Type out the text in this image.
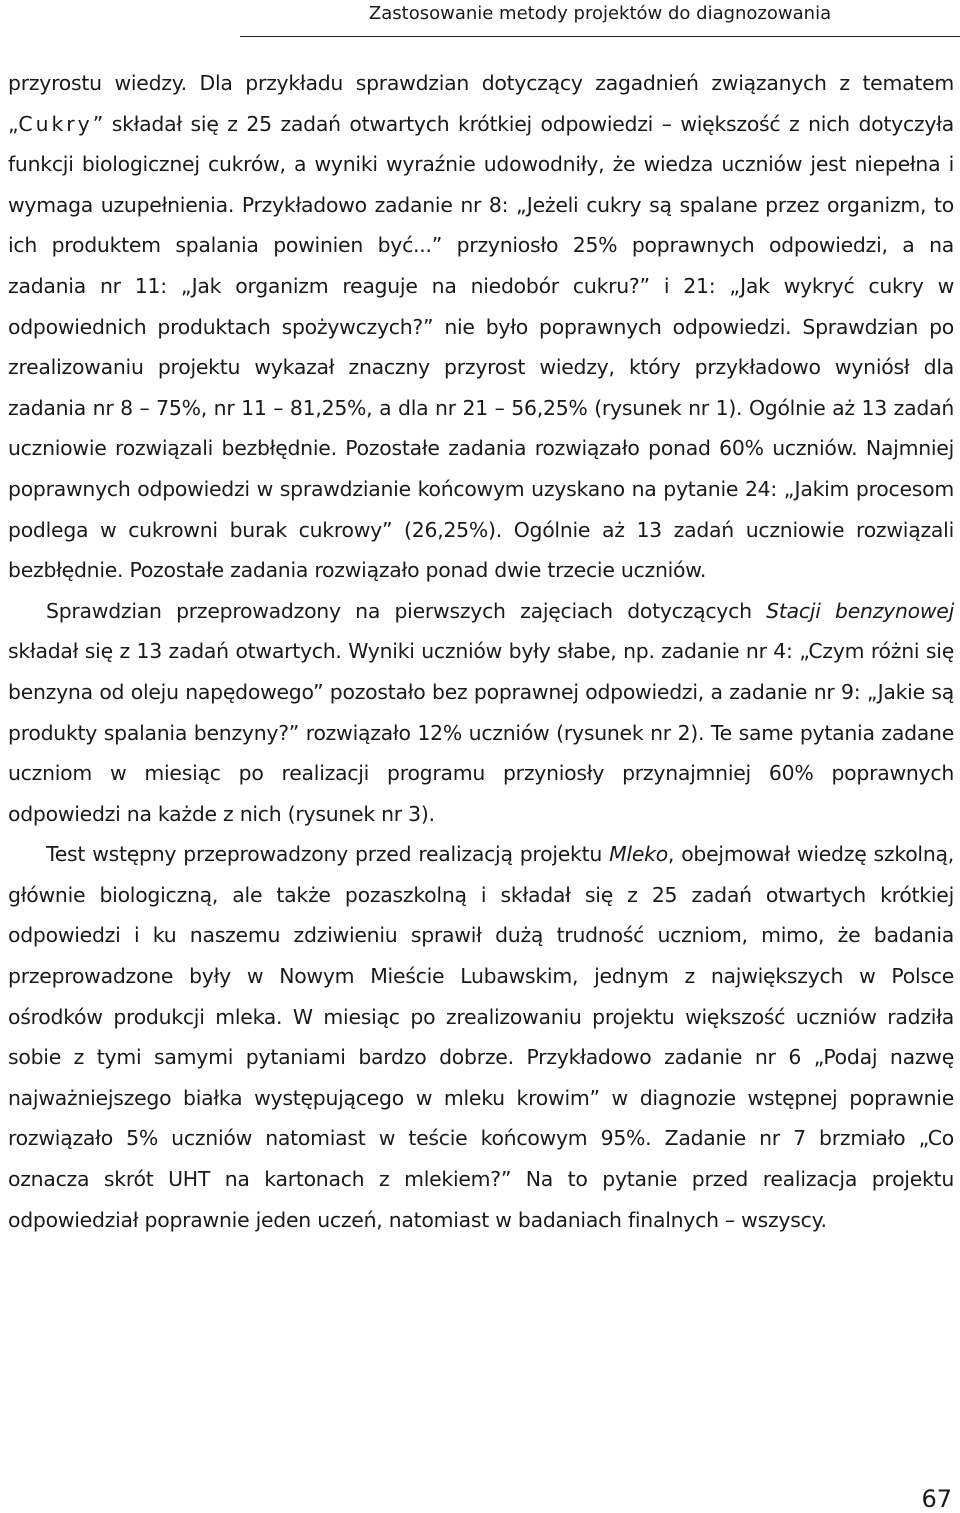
Zastosowanie metody projektów do diagnozowania

przyrostu wiedzy. Dla przykładu sprawdzian dotyczący zagadnień związanych z tematem „Cukry” składał się z 25 zadań otwartych krótkiej odpowiedzi – większość z nich dotyczyła funkcji biologicznej cukrów, a wyniki wyraźnie udowodniły, że wiedza uczniów jest niepełna i wymaga uzupełnienia. Przykładowo zadanie nr 8: „Jeżeli cukry są spalane przez organizm, to ich produktem spalania powinien być...” przyniosło 25% poprawnych odpowiedzi, a na zadania nr 11: „Jak organizm reaguje na niedobór cukru?” i 21: „Jak wykryć cukry w odpowiednich produktach spożywczych?” nie było poprawnych odpowiedzi. Sprawdzian po zrealizowaniu projektu wykazał znaczny przyrost wiedzy, który przykładowo wyniósł dla zadania nr 8 – 75%, nr 11 – 81,25%, a dla nr 21 – 56,25% (rysunek nr 1). Ogólnie aż 13 zadań uczniowie rozwiązali bezbłędnie. Pozostałe zadania rozwiązało ponad 60% uczniów. Najmniej poprawnych odpowiedzi w sprawdzianie końcowym uzyskano na pytanie 24: „Jakim procesom podlega w cukrowni burak cukrowy” (26,25%). Ogólnie aż 13 zadań uczniowie rozwiązali bezbłędnie. Pozostałe zadania rozwiązało ponad dwie trzecie uczniów.

Sprawdzian przeprowadzony na pierwszych zajęciach dotyczących Stacji benzynowej składał się z 13 zadań otwartych. Wyniki uczniów były słabe, np. zadanie nr 4: „Czym różni się benzyna od oleju napędowego” pozostało bez poprawnej odpowiedzi, a zadanie nr 9: „Jakie są produkty spalania benzyny?” rozwiązało 12% uczniów (rysunek nr 2). Te same pytania zadane uczniom w miesiąc po realizacji programu przyniosły przynajmniej 60% poprawnych odpowiedzi na każde z nich (rysunek nr 3).

Test wstępny przeprowadzony przed realizacją projektu Mleko, obejmował wiedzę szkolną, głównie biologiczną, ale także pozaszkolną i składał się z 25 zadań otwartych krótkiej odpowiedzi i ku naszemu zdziwieniu sprawił dużą trudność uczniom, mimo, że badania przeprowadzone były w Nowym Mieście Lubawskim, jednym z największych w Polsce ośrodków produkcji mleka. W miesiąc po zrealizowaniu projektu większość uczniów radziła sobie z tymi samymi pytaniami bardzo dobrze. Przykładowo zadanie nr 6 „Podaj nazwę najważniejszego białka występującego w mleku krowim” w diagnozie wstępnej poprawnie rozwiązało 5% uczniów natomiast w teście końcowym 95%. Zadanie nr 7 brzmiało „Co oznacza skrót UHT na kartonach z mlekiem?” Na to pytanie przed realizacja projektu odpowiedział poprawnie jeden uczeń, natomiast w badaniach finalnych – wszyscy.

67
